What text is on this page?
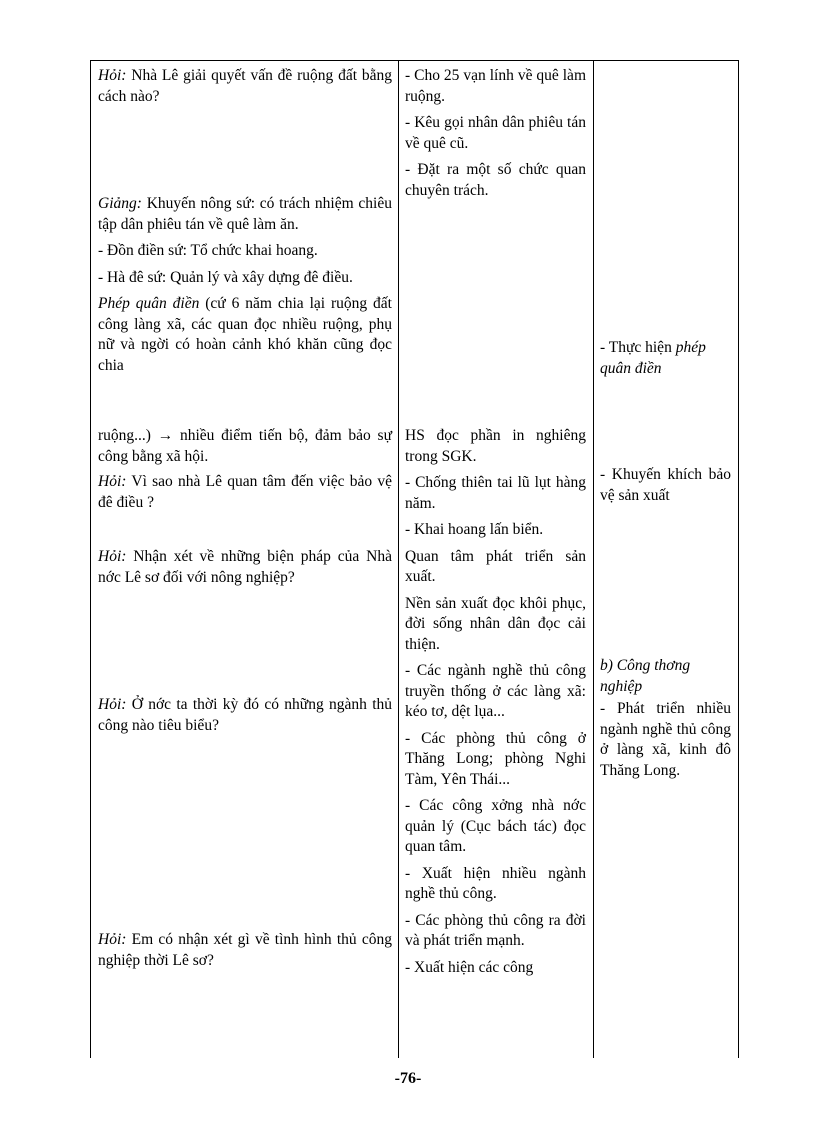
Hỏi: Nhà Lê giải quyết vấn đề ruộng đất bằng cách nào?

Giảng: Khuyến nông sứ: có trách nhiệm chiêu tập dân phiêu tán về quê làm ăn.

- Đồn điền sứ: Tổ chức khai hoang.

- Hà đê sứ: Quản lý và xây dựng đê điều.

Phép quân điền (cứ 6 năm chia lại ruộng đất công làng xã, các quan đọc nhiều ruộng, phụ nữ và ngời có hoàn cảnh khó khăn cũng đọc chia

ruộng...) → nhiều điểm tiến bộ, đảm bảo sự công bằng xã hội.

Hỏi: Vì sao nhà Lê quan tâm đến việc bảo vệ đê điều ?

Hỏi: Nhận xét về những biện pháp của Nhà nớc Lê sơ đối với nông nghiệp?

Hỏi: Ở nớc ta thời kỳ đó có những ngành thủ công nào tiêu biểu?

Hỏi: Em có nhận xét gì về tình hình thủ công nghiệp thời Lê sơ?

- Cho 25 vạn lính về quê làm ruộng.

- Kêu gọi nhân dân phiêu tán về quê cũ.

- Đặt ra một số chức quan chuyên trách.

HS đọc phần in nghiêng trong SGK.

- Chống thiên tai lũ lụt hàng năm.

- Khai hoang lấn biển.

Quan tâm phát triển sản xuất.

Nền sản xuất đọc khôi phục, đời sống nhân dân đọc cải thiện.

- Các ngành nghề thủ công truyền thống ở các làng xã: kéo tơ, dệt lụa...

- Các phòng thủ công ở Thăng Long; phòng Nghi Tàm, Yên Thái...

- Các công xởng nhà nớc quản lý (Cục bách tác) đọc quan tâm.

- Xuất hiện nhiều ngành nghề thủ công.

- Các phòng thủ công ra đời và phát triển mạnh.

- Xuất hiện các công

- Thực hiện phép quân điền

- Khuyến khích bảo vệ sản xuất

b) Công thơng nghiệp

- Phát triển nhiều ngành nghề thủ công ở làng xã, kinh đô Thăng Long.

-76-
